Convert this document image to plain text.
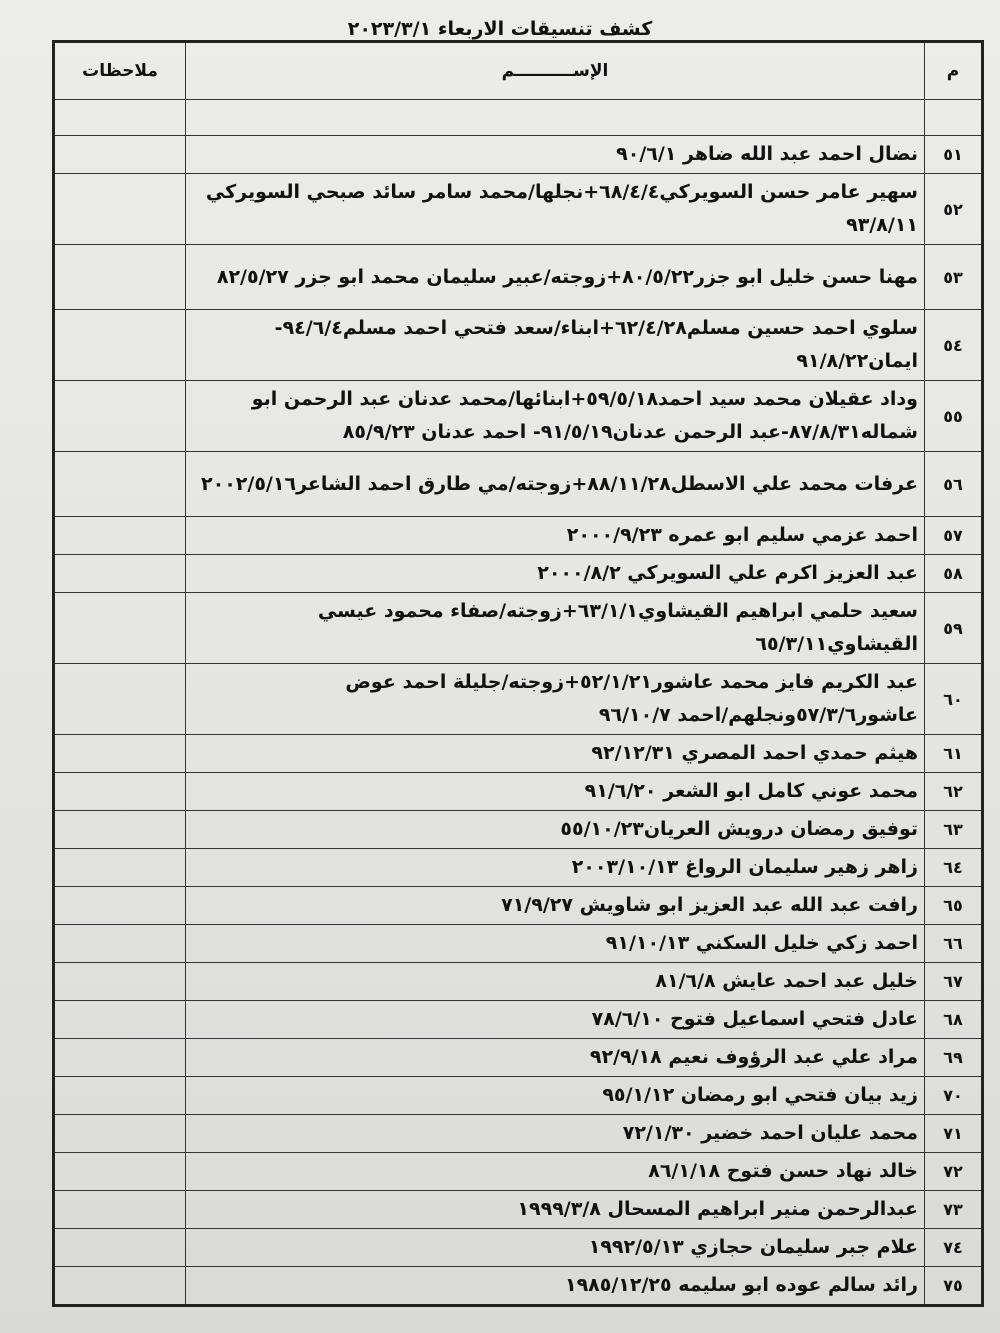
كشف تنسيقات الاربعاء ٢٠٢٣/٣/١
م	الإســــــــــم	ملاحظات

٥١	نضال احمد عبد الله ضاهر ٩٠/٦/١	
٥٢	سهير عامر حسن السويركي٦٨/٤/٤+نجلها/محمد سامر سائد صبحي السويركي ٩٣/٨/١١	
٥٣	مهنا حسن خليل ابو جزر٨٠/٥/٢٢+زوجته/عبير سليمان محمد ابو جزر ٨٢/٥/٢٧	
٥٤	سلوي احمد حسين مسلم٦٢/٤/٢٨+ابناء/سعد فتحي احمد مسلم٩٤/٦/٤- ايمان٩١/٨/٢٢	
٥٥	وداد عقيلان محمد سيد احمد٥٩/٥/١٨+ابنائها/محمد عدنان عبد الرحمن ابو شماله٨٧/٨/٣١-عبد الرحمن عدنان٩١/٥/١٩- احمد عدنان ٨٥/٩/٢٣	
٥٦	عرفات محمد علي الاسطل٨٨/١١/٢٨+زوجته/مي طارق احمد الشاعر٢٠٠٢/٥/١٦	
٥٧	احمد عزمي سليم ابو عمره ٢٠٠٠/٩/٢٣	
٥٨	عبد العزيز اكرم علي السويركي ٢٠٠٠/٨/٢	
٥٩	سعيد حلمي ابراهيم القيشاوي٦٣/١/١+زوجته/صفاء محمود عيسي القيشاوي٦٥/٣/١١	
٦٠	عبد الكريم فايز محمد عاشور٥٢/١/٢١+زوجته/جليلة احمد عوض عاشور٥٧/٣/٦ونجلهم/احمد ٩٦/١٠/٧	
٦١	هيثم حمدي احمد المصري ٩٢/١٢/٣١	
٦٢	محمد عوني كامل ابو الشعر ٩١/٦/٢٠	
٦٣	توفيق رمضان درويش العريان٥٥/١٠/٢٣	
٦٤	زاهر زهير سليمان الرواغ ٢٠٠٣/١٠/١٣	
٦٥	رافت عبد الله عبد العزيز ابو شاويش ٧١/٩/٢٧	
٦٦	احمد زكي خليل السكني ٩١/١٠/١٣	
٦٧	خليل عبد احمد عايش ٨١/٦/٨	
٦٨	عادل فتحي اسماعيل فتوح ٧٨/٦/١٠	
٦٩	مراد علي عبد الرؤوف نعيم ٩٢/٩/١٨	
٧٠	زيد بيان فتحي ابو رمضان ٩٥/١/١٢	
٧١	محمد عليان احمد خضير ٧٢/١/٣٠	
٧٢	خالد نهاد حسن فتوح ٨٦/١/١٨	
٧٣	عبدالرحمن منير ابراهيم المسحال ١٩٩٩/٣/٨	
٧٤	علام جبر سليمان حجازي ١٩٩٢/٥/١٣	
٧٥	رائد سالم عوده ابو سليمه ١٩٨٥/١٢/٢٥	
